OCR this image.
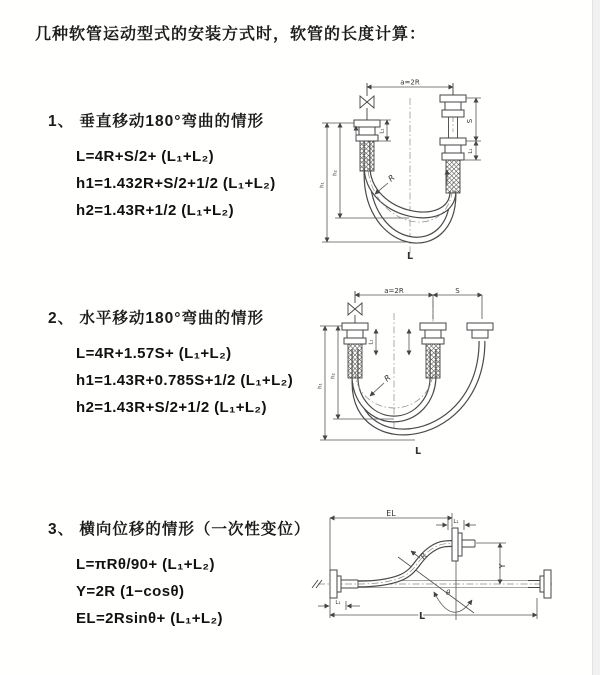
几种软管运动型式的安装方式时，软管的长度计算：
1、 垂直移动180°弯曲的情形
L=4R+S/2+ (L₁+L₂)
h1=1.432R+S/2+1/2 (L₁+L₂)
h2=1.43R+1/2 (L₁+L₂)
2、 水平移动180°弯曲的情形
L=4R+1.57S+ (L₁+L₂)
h1=1.43R+0.785S+1/2 (L₁+L₂)
h2=1.43R+S/2+1/2 (L₁+L₂)
3、 横向位移的情形（一次性变位）
L=πRθ/90+ (L₁+L₂)
Y=2R (1−cosθ)
EL=2Rsinθ+ (L₁+L₂)
a=2R
S
L₁
L₁
h₁
h₂
R
L
a=2R	S
h₁
h₂
L₁
R
L
θ
EL
L₁
Y
R
L
L₁
